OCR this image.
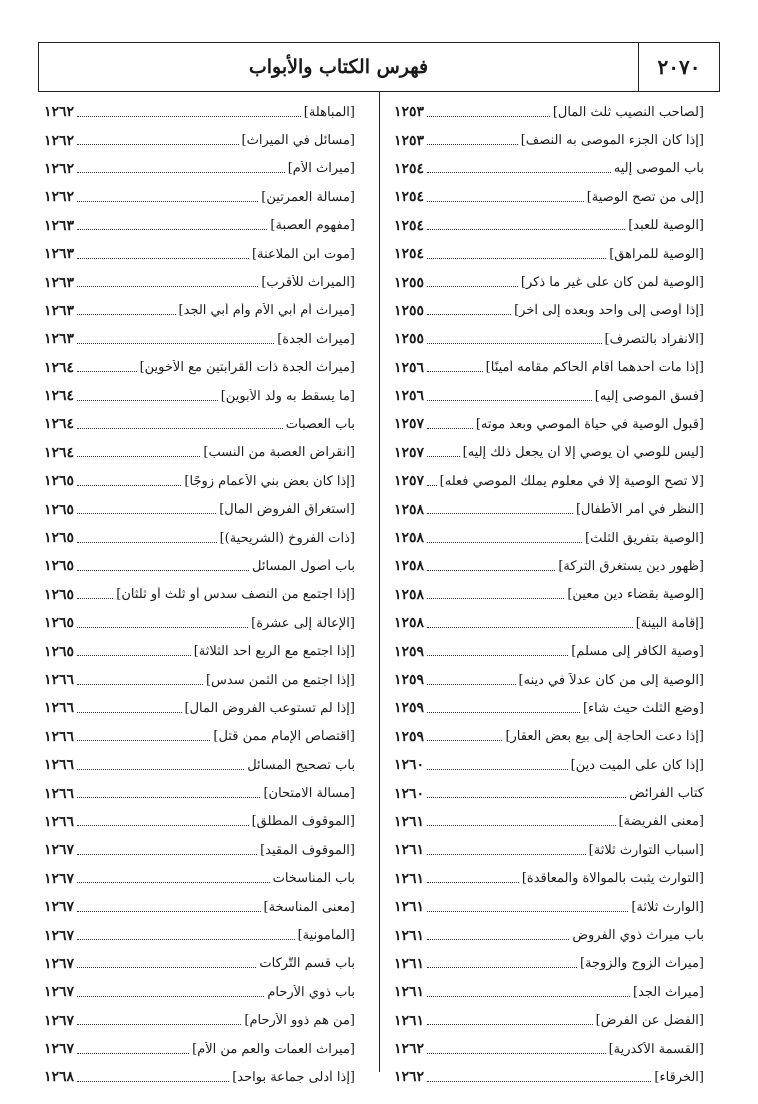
٢٠٧٠
فهرس الكتاب والأبواب
[لصاحب النصيب ثلث المال]
١٢٥٣
[إذا كان الجزء الموصى به النصف]
١٢٥٣
باب الموصى إليه
١٢٥٤
[إلى من تصح الوصية]
١٢٥٤
[الوصية للعبد]
١٢٥٤
[الوصية للمراهق]
١٢٥٤
[الوصية لمن كان على غير ما ذكر]
١٢٥٥
[إذا أوصى إلى واحد وبعده إلى آخر]
١٢٥٥
[الانفراد بالتصرف]
١٢٥٥
[إذا مات أحدهما أقام الحاكم مقامه أمينًا]
١٢٥٦
[فسق الموصى إليه]
١٢٥٦
[قبول الوصية في حياة الموصي وبعد موته]
١٢٥٧
[ليس للوصي أن يوصي إلا أن يجعل ذلك إليه]
١٢٥٧
[لا تصح الوصية إلا في معلوم يملك الموصي فعله]
١٢٥٧
[النظر في أمر الأطفال]
١٢٥٨
[الوصية بتفريق الثلث]
١٢٥٨
[ظهور دين يستغرق التركة]
١٢٥٨
[الوصية بقضاء دين معين]
١٢٥٨
[إقامة البينة]
١٢٥٨
[وصية الكافر إلى مسلم]
١٢٥٩
[الوصية إلى من كان عدلاً في دينه]
١٢٥٩
[وضع الثلث حيث شاء]
١٢٥٩
[إذا دعت الحاجة إلى بيع بعض العقار]
١٢٥٩
[إذا كان على الميت دين]
١٢٦٠
كتاب الفرائض
١٢٦٠
[معنى الفريضة]
١٢٦١
[أسباب التوارث ثلاثة]
١٢٦١
[التوارث يثبت بالموالاة والمعاقدة]
١٢٦١
[الوارث ثلاثة]
١٢٦١
باب ميراث ذوي الفروض
١٢٦١
[ميراث الزوج والزوجة]
١٢٦١
[ميراث الجد]
١٢٦١
[الفضل عن الفرض]
١٢٦١
[القسمة الأكدرية]
١٢٦٢
[الخرقاء]
١٢٦٢
[المباهلة]
١٢٦٢
[مسائل في الميراث]
١٢٦٢
[ميراث الأم]
١٢٦٢
[مسألة العمرتين]
١٢٦٢
[مفهوم العصبة]
١٢٦٣
[موت ابن الملاعنة]
١٢٦٣
[الميراث للأقرب]
١٢٦٣
[ميراث أم أبي الأم وأم أبي الجد]
١٢٦٣
[ميراث الجدة]
١٢٦٣
[ميراث الجدة ذات القرابتين مع الأخوين]
١٢٦٤
[ما يسقط به ولد الأبوين]
١٢٦٤
باب العصبات
١٢٦٤
[انقراض العصبة من النسب]
١٢٦٤
[إذا كان بعض بني الأعمام زوجًا]
١٢٦٥
[استغراق الفروض المال]
١٢٦٥
[ذات الفروخ (الشريحية)]
١٢٦٥
باب أصول المسائل
١٢٦٥
[إذا اجتمع من النصف سدس أو ثلث أو ثلثان]
١٢٦٥
[الإعالة إلى عشرة]
١٢٦٥
[إذا اجتمع مع الربع احد الثلاثة]
١٢٦٥
[إذا اجتمع من الثمن سدس]
١٢٦٦
[إذا لم تستوعب الفروض المال]
١٢٦٦
[اقتصاص الإمام ممن قتل]
١٢٦٦
باب تصحيح المسائل
١٢٦٦
[مسألة الامتحان]
١٢٦٦
[الموقوف المطلق]
١٢٦٦
[الموقوف المقيد]
١٢٦٧
باب المناسخات
١٢٦٧
[معنى المناسخة]
١٢٦٧
[المأمونية]
١٢٦٧
باب قسم التَّركات
١٢٦٧
باب ذوي الأرحام
١٢٦٧
[من هم ذوو الأرحام]
١٢٦٧
[ميراث العمات والعم من الأم]
١٢٦٧
[إذا أدلى جماعة بواحد]
١٢٦٨
